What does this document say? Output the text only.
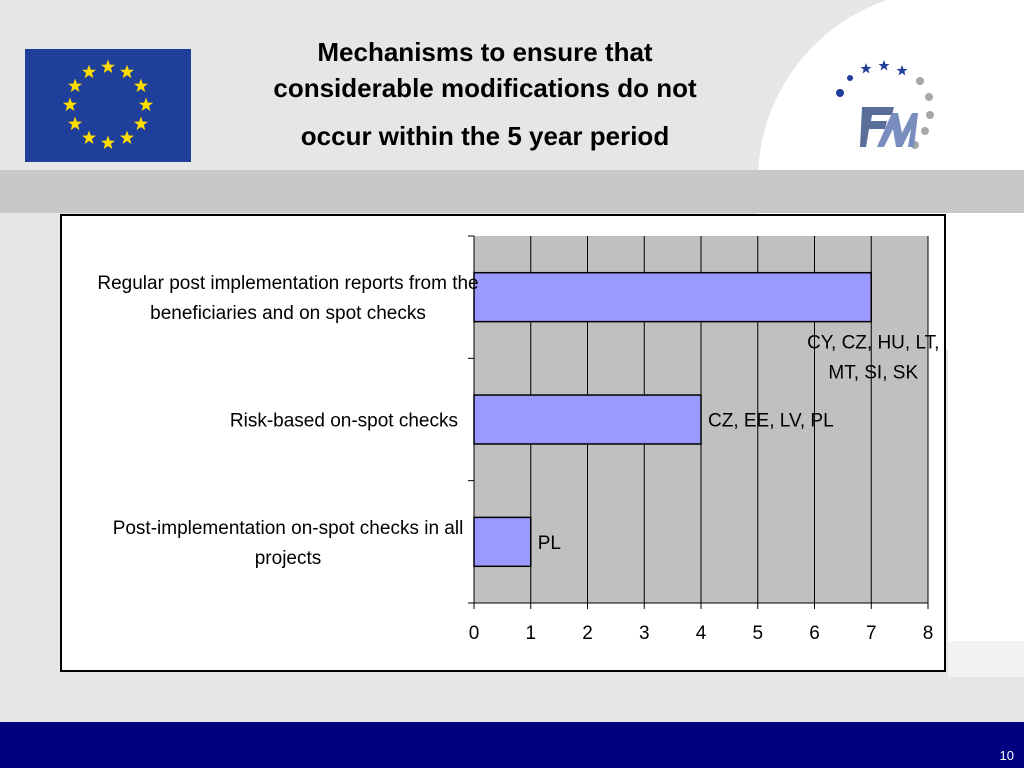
Mechanisms to ensure that
considerable modifications do not

occur within the 5 year period
0 1 2 3 4 5 6 7 8
Regular post implementation reports from the
beneficiaries and on spot checks
CY, CZ, HU, LT,
MT, SI, SK
Risk-based on-spot checks	CZ, EE, LV, PL
Post-implementation on-spot checks in all
projects
PL
10
